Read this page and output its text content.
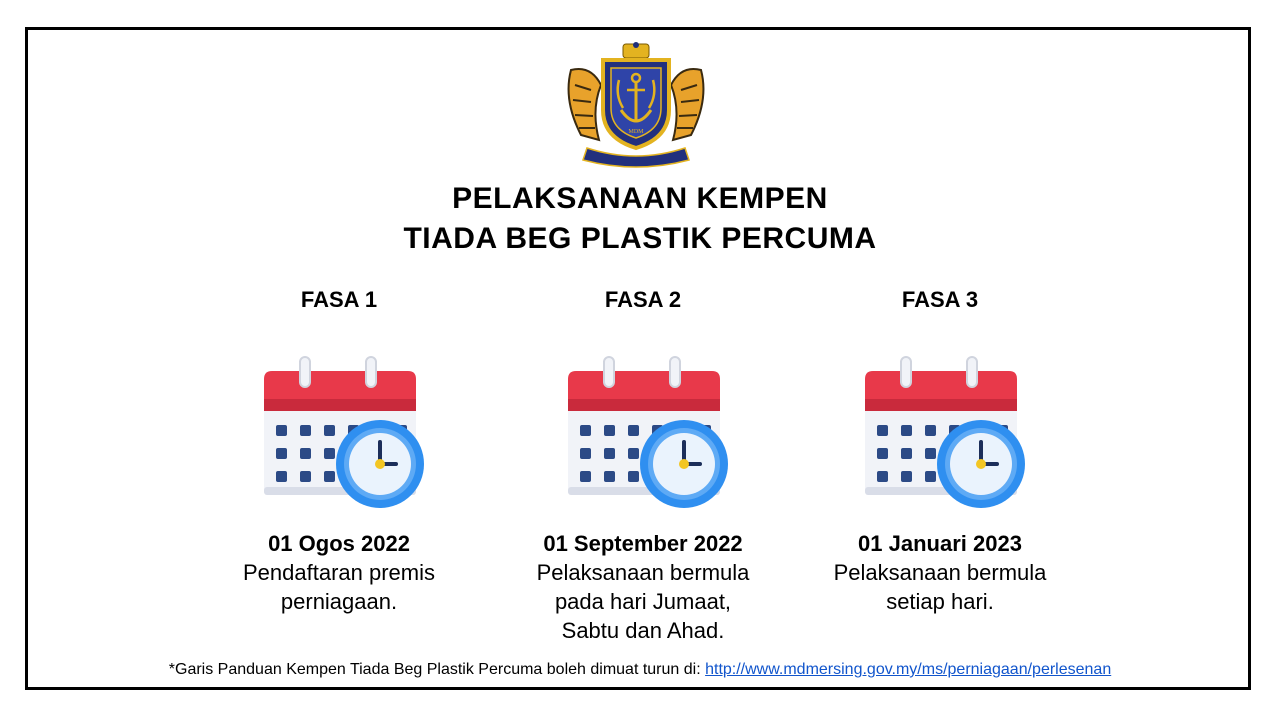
MDM
PELAKSANAAN KEMPEN
TIADA BEG PLASTIK PERCUMA
FASA 1
01 Ogos 2022
Pendaftaran premis
perniagaan.
FASA 2
01 September 2022
Pelaksanaan bermula
pada hari Jumaat,
Sabtu dan Ahad.
FASA 3
01 Januari 2023
Pelaksanaan bermula
setiap hari.
*Garis Panduan Kempen Tiada Beg Plastik Percuma boleh dimuat turun di: http://www.mdmersing.gov.my/ms/perniagaan/perlesenan
